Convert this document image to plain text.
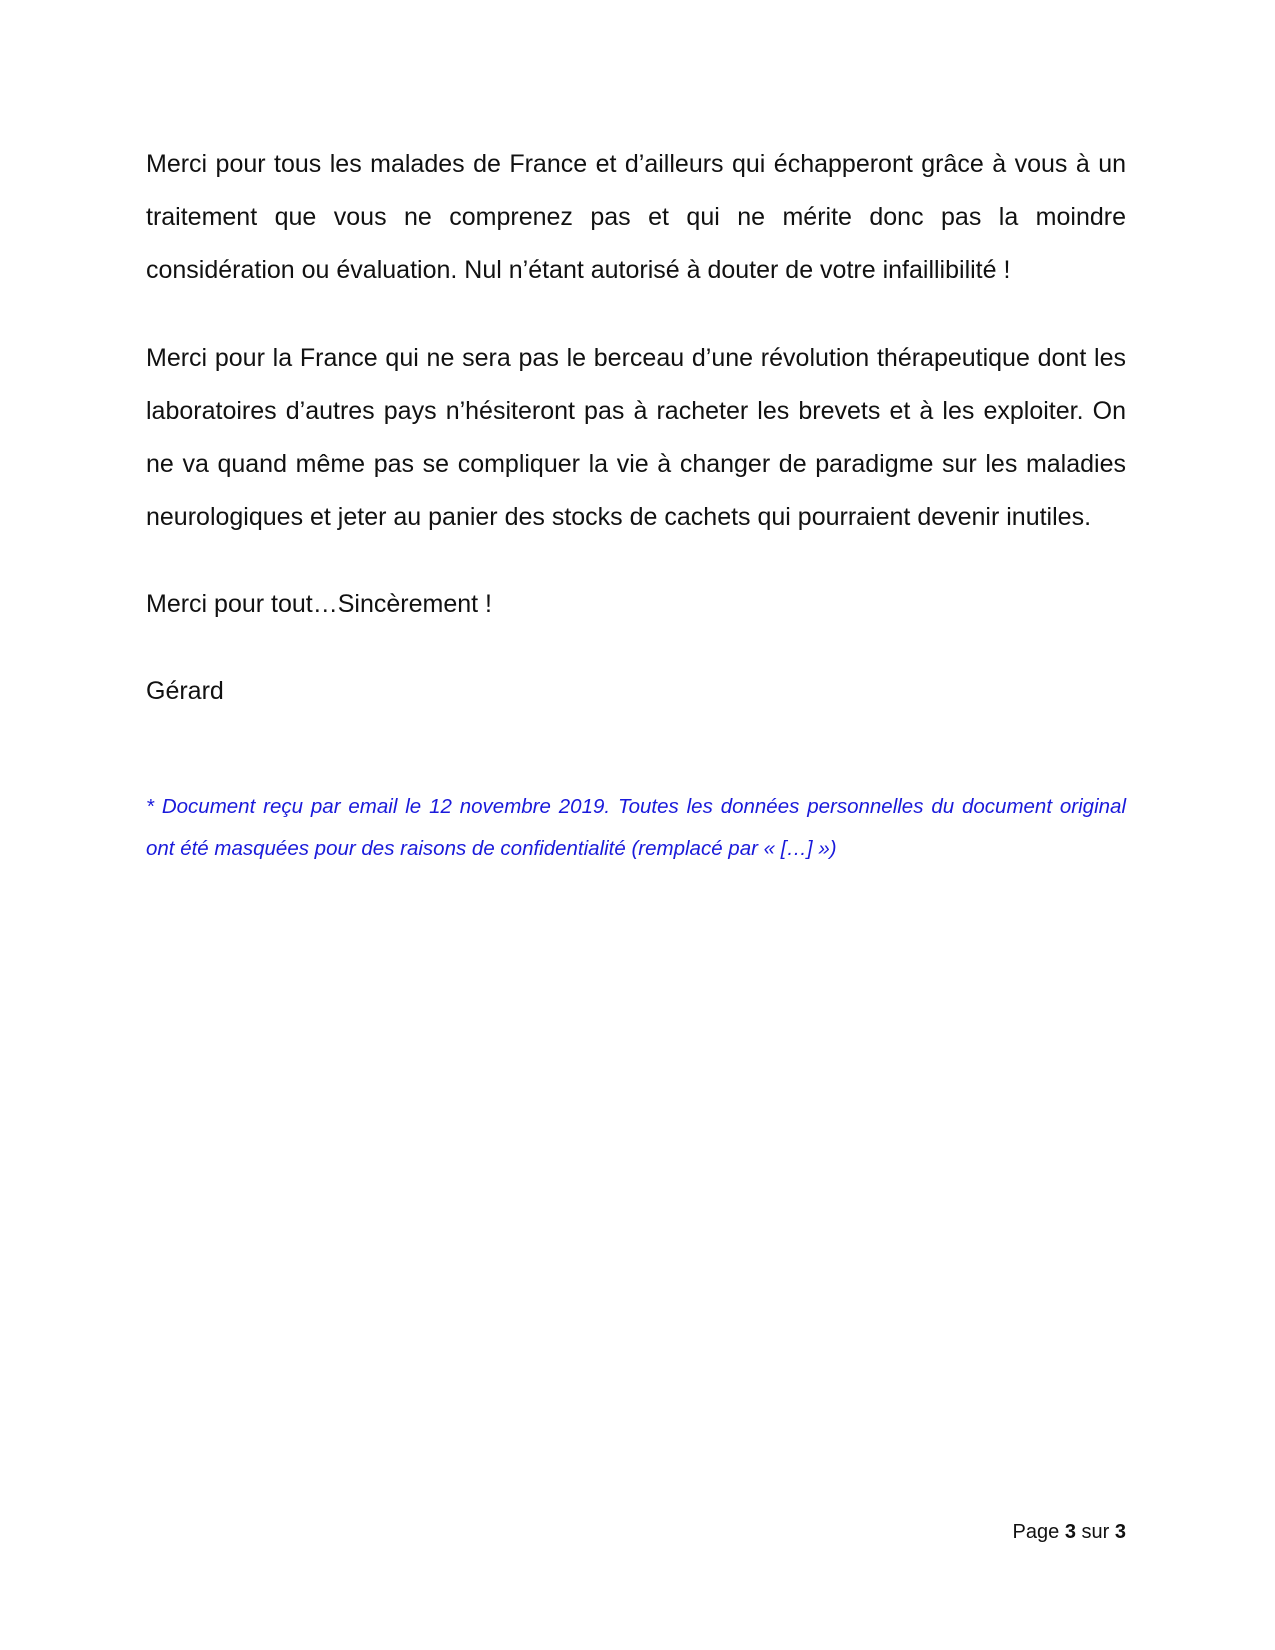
Merci pour tous les malades de France et d’ailleurs qui échapperont grâce à vous à un traitement que vous ne comprenez pas et qui ne mérite donc pas la moindre considération ou évaluation. Nul n’étant autorisé à douter de votre infaillibilité !

Merci pour la France qui ne sera pas le berceau d’une révolution thérapeutique dont les laboratoires d’autres pays n’hésiteront pas à racheter les brevets et à les exploiter. On ne va quand même pas se compliquer la vie à changer de paradigme sur les maladies neurologiques et jeter au panier des stocks de cachets qui pourraient devenir inutiles.

Merci pour tout…Sincèrement !

Gérard

* Document reçu par email le 12 novembre 2019. Toutes les données personnelles du document original ont été masquées pour des raisons de confidentialité (remplacé par « […] »)

Page 3 sur 3
